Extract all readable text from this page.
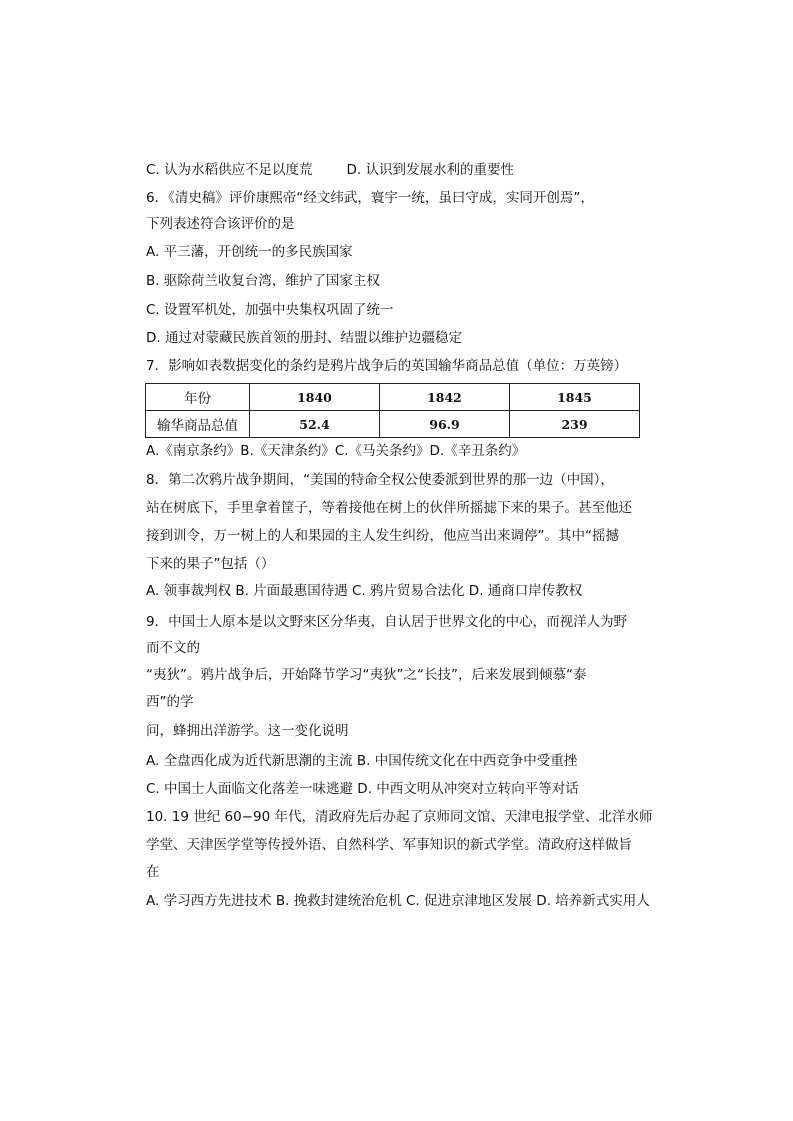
C. 认为水稻供应不足以度荒	D. 认识到发展水利的重要性
6．《清史稿》评价康熙帝“经文纬武，寰宇一统，虽曰守成，实同开创焉”，
下列表述符合该评价的是
A. 平三藩，开创统一的多民族国家
B. 驱除荷兰收复台湾，维护了国家主权
C. 设置军机处，加强中央集权巩固了统一
D. 通过对蒙藏民族首领的册封、结盟以维护边疆稳定
7．影响如表数据变化的条约是鸦片战争后的英国输华商品总值（单位：万英镑）
年份	1840	1842	1845
输华商品总值	52.4	96.9	239
A.《南京条约》B.《天津条约》C.《马关条约》D.《辛丑条约》
8．第二次鸦片战争期间，“美国的特命全权公使委派到世界的那一边（中国），
站在树底下，手里拿着筐子，等着接他在树上的伙伴所摇摅下来的果子。甚至他还
接到训令，万一树上的人和果园的主人发生纠纷，他应当出来调停”。其中“摇撼
下来的果子”包括（）
A. 领事裁判权 B. 片面最惠国待遇 C. 鸦片贸易合法化 D. 通商口岸传教权
9．中国士人原本是以文野来区分华夷，自认居于世界文化的中心，而视洋人为野
而不文的
“夷狄”。鸦片战争后，开始降节学习“夷狄”之“长技”，后来发展到倾慕“泰
西”的学
问，蜂拥出洋游学。这一变化说明
A. 全盘西化成为近代新思潮的主流 B. 中国传统文化在中西竞争中受重挫
C. 中国士人面临文化落差一味逃避 D. 中西文明从冲突对立转向平等对话
10. 19 世纪 60−90 年代，清政府先后办起了京师同文馆、天津电报学堂、北洋水师
学堂、天津医学堂等传授外语、自然科学、军事知识的新式学堂。清政府这样做旨
在
A. 学习西方先进技术 B. 挽救封建统治危机 C. 促进京津地区发展 D. 培养新式实用人
